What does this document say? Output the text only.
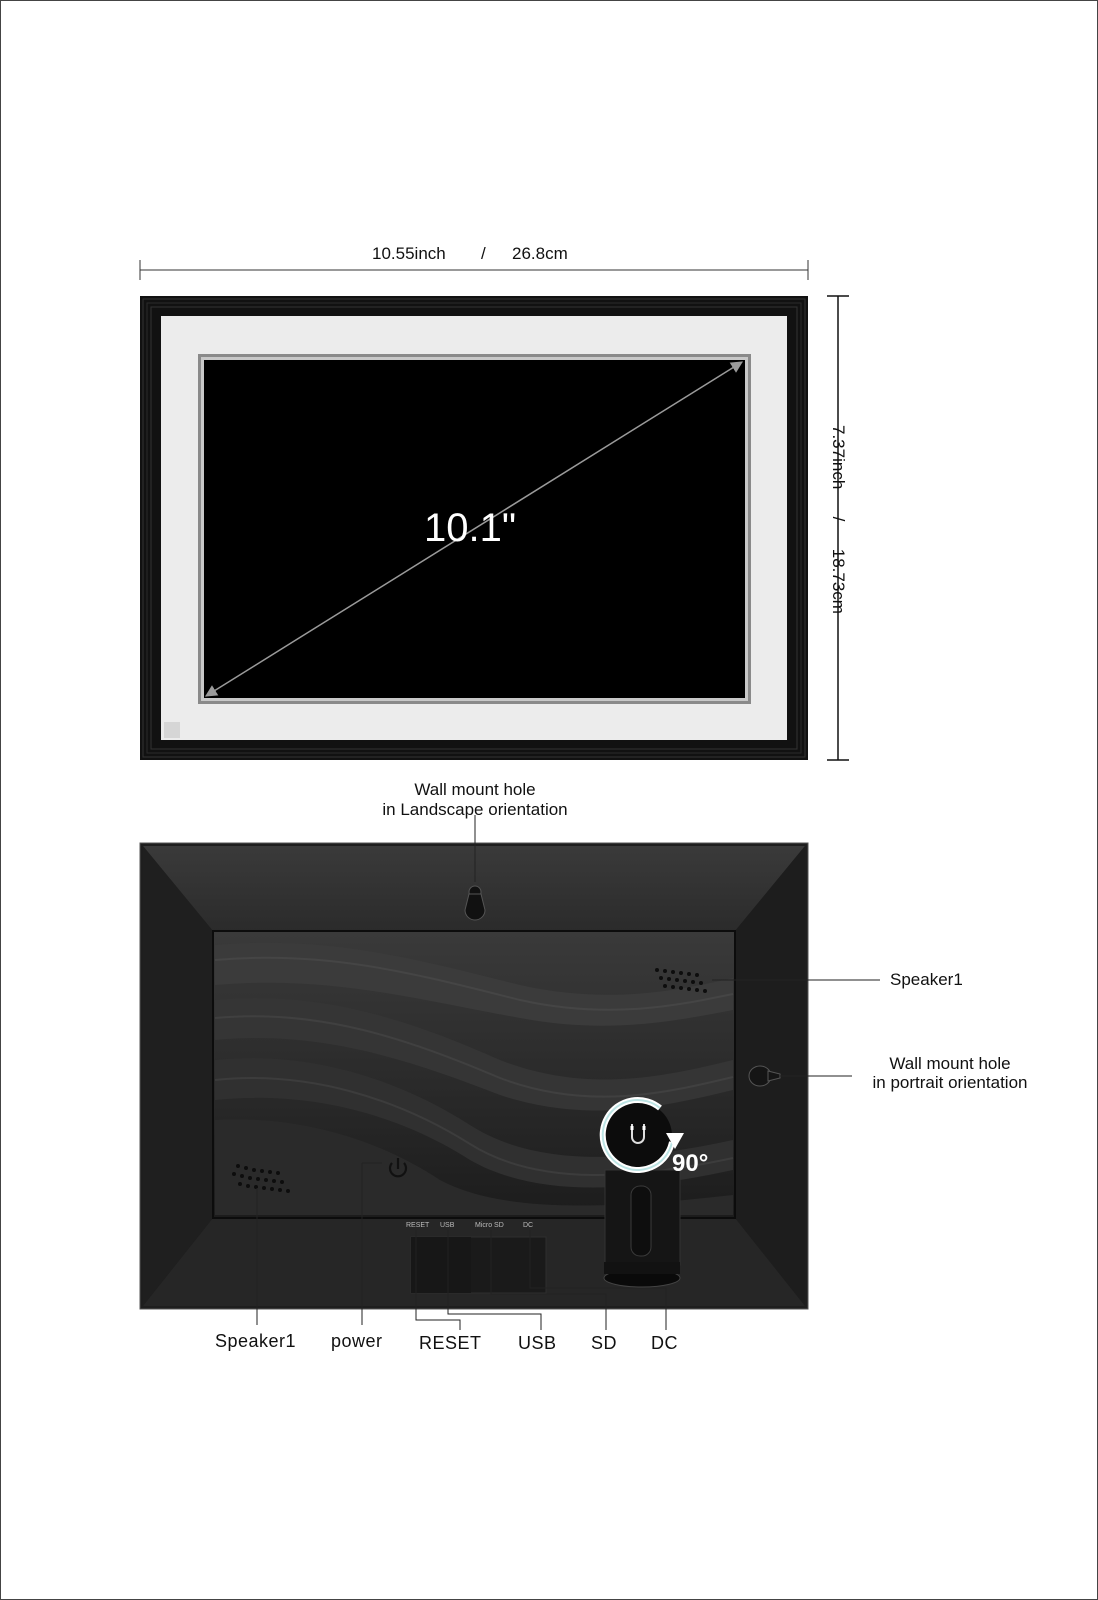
10.55inch / 26.8cm
7.37inch / 18.73cm
10.1"
Wall mount hole
in Landscape orientation
Speaker1
Wall mount hole
in portrait orientation
90°
RESET USB	Micro SD	DC
Speaker1 power RESET USB SD DC
